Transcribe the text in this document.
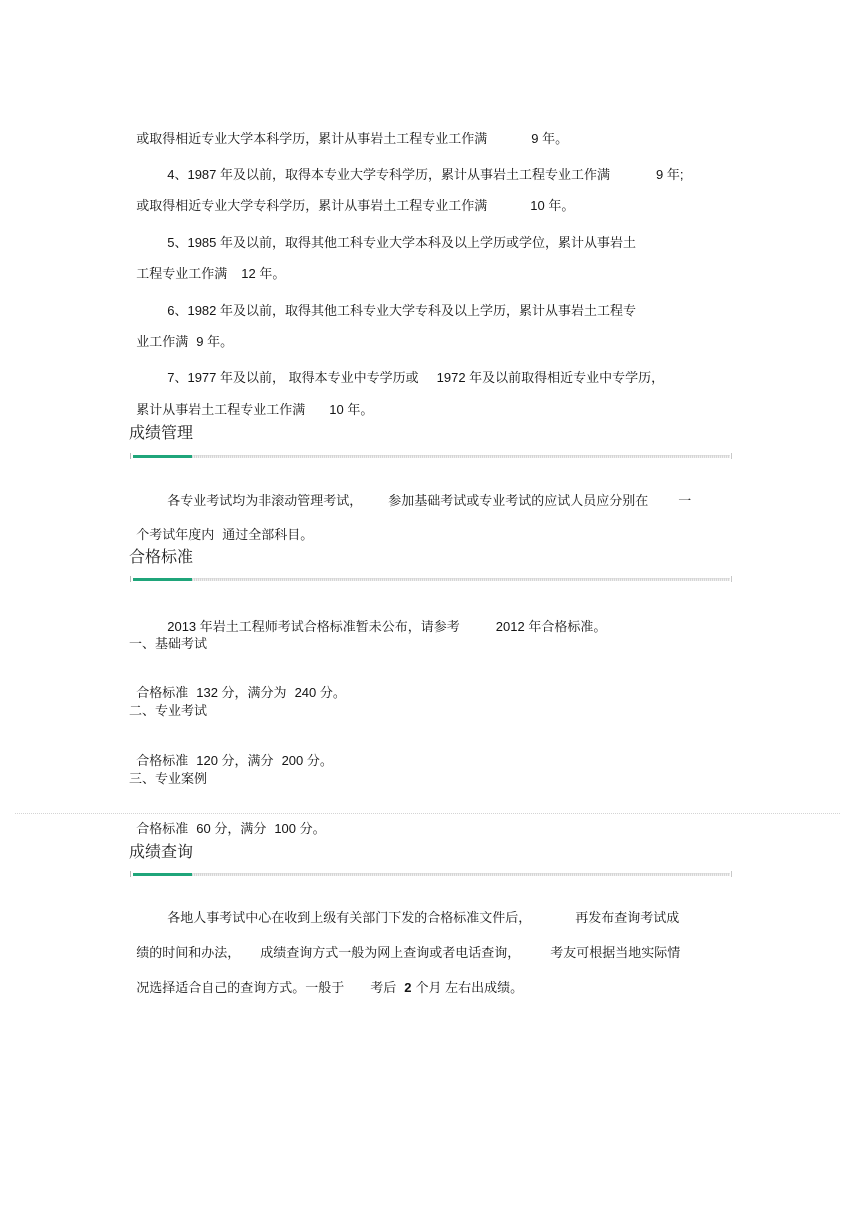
或取得相近专业大学本科学历，累计从事岩土工程专业工作满	9 年。

4、1987 年及以前，取得本专业大学专科学历，累计从事岩土工程专业工作满	9 年;

或取得相近专业大学专科学历，累计从事岩土工程专业工作满	10 年。

5、1985 年及以前，取得其他工科专业大学本科及以上学历或学位，累计从事岩土

工程专业工作满 12 年。

6、1982 年及以前，取得其他工科专业大学专科及以上学历，累计从事岩土工程专

业工作满 9 年。

7、1977 年及以前， 取得本专业中专学历或 1972 年及以前取得相近专业中专学历，

累计从事岩土工程专业工作满 10 年。

成绩管理

各专业考试均为非滚动管理考试， 参加基础考试或专业考试的应试人员应分别在 一

个考试年度内 通过全部科目。

合格标准

2013 年岩土工程师考试合格标准暂未公布，请参考	2012 年合格标准。

一、基础考试

合格标准 132 分，满分为 240 分。

二、专业考试

合格标准 120 分，满分 200 分。

三、专业案例

合格标准 60 分，满分 100 分。

成绩查询

各地人事考试中心在收到上级有关部门下发的合格标准文件后，	再发布查询考试成

绩的时间和办法， 成绩查询方式一般为网上查询或者电话查询， 考友可根据当地实际情

况选择适合自己的查询方式。一般于 考后 2 个月 左右出成绩。
